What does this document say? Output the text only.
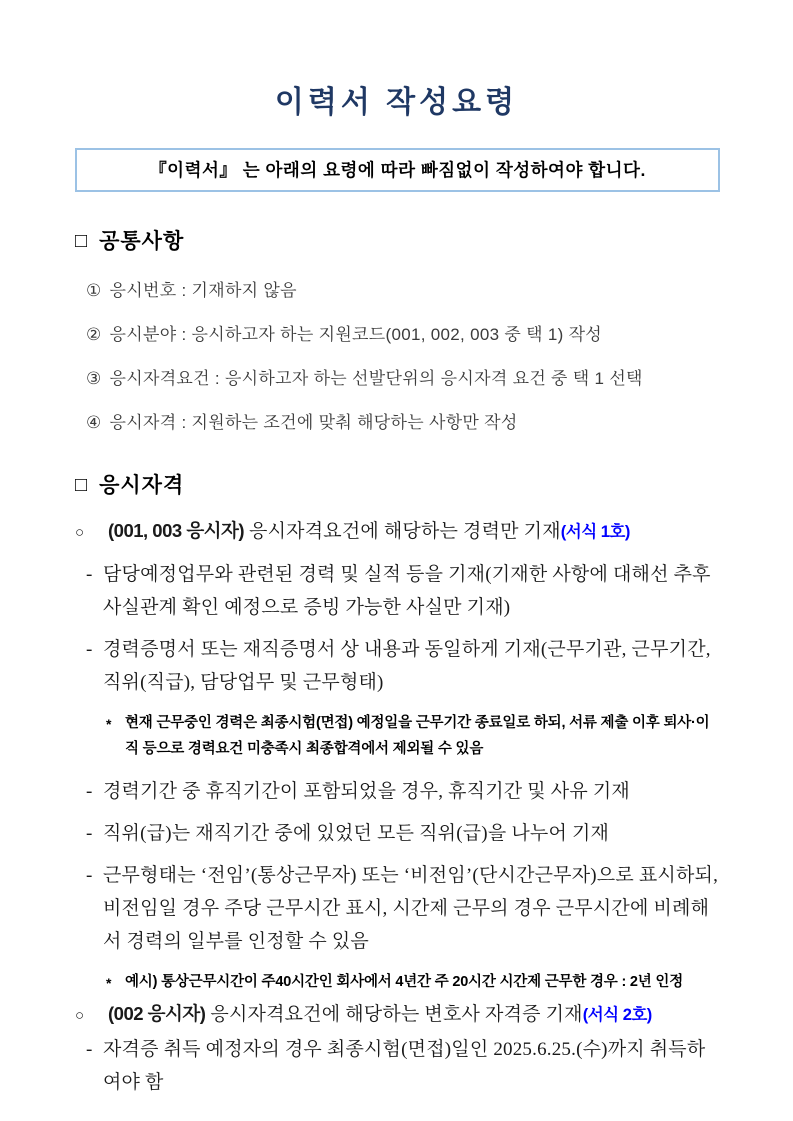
이력서 작성요령
『이력서』 는 아래의 요령에 따라 빠짐없이 작성하여야 합니다.
□ 공통사항
① 응시번호 : 기재하지 않음
② 응시분야 : 응시하고자 하는 지원코드(001, 002, 003 중 택 1) 작성
③ 응시자격요건 : 응시하고자 하는 선발단위의 응시자격 요건 중 택 1 선택
④ 응시자격 : 지원하는 조건에 맞춰 해당하는 사항만 작성
□ 응시자격
○ (001, 003 응시자) 응시자격요건에 해당하는 경력만 기재(서식 1호)
- 담당예정업무와 관련된 경력 및 실적 등을 기재(기재한 사항에 대해선 추후 사실관계 확인 예정으로 증빙 가능한 사실만 기재)
- 경력증명서 또는 재직증명서 상 내용과 동일하게 기재(근무기관, 근무기간, 직위(직급), 담당업무 및 근무형태)
* 현재 근무중인 경력은 최종시험(면접) 예정일을 근무기간 종료일로 하되, 서류 제출 이후 퇴사·이직 등으로 경력요건 미충족시 최종합격에서 제외될 수 있음
- 경력기간 중 휴직기간이 포함되었을 경우, 휴직기간 및 사유 기재
- 직위(급)는 재직기간 중에 있었던 모든 직위(급)을 나누어 기재
- 근무형태는 ‘전임’(통상근무자) 또는 ‘비전임’(단시간근무자)으로 표시하되, 비전임일 경우 주당 근무시간 표시, 시간제 근무의 경우 근무시간에 비례해서 경력의 일부를 인정할 수 있음
* 예시) 통상근무시간이 주40시간인 회사에서 4년간 주 20시간 시간제 근무한 경우 : 2년 인정
○ (002 응시자) 응시자격요건에 해당하는 변호사 자격증 기재(서식 2호)
- 자격증 취득 예정자의 경우 최종시험(면접)일인 2025.6.25.(수)까지 취득하여야 함
